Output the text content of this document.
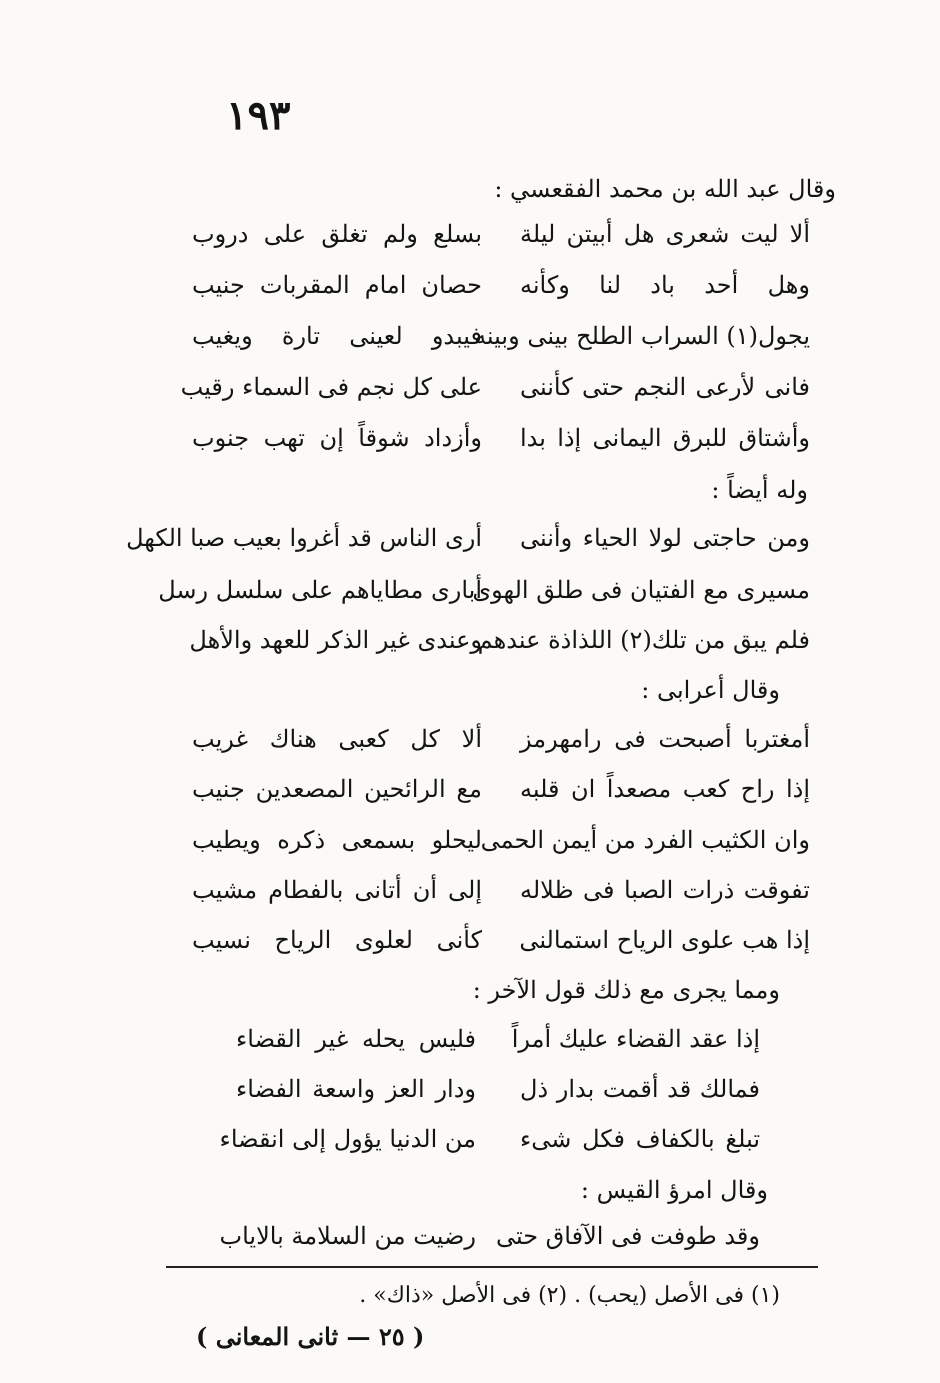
١٩٣
وقال عبد الله بن محمد الفقعسي :
ألا ليت شعرى هل أبيتن ليلة
بسلع ولم تغلق على دروب
وهل أحد باد لنا وكأنه
حصان امام المقربات جنيب
يجول(١) السراب الطلح بينى وبينه
فيبدو لعينى تارة ويغيب
فانى لأرعى النجم حتى كأننى
على كل نجم فى السماء رقيب
وأشتاق للبرق اليمانى إذا بدا
وأزداد شوقاً إن تهب جنوب
وله أيضاً :
ومن حاجتى لولا الحياء وأننى
أرى الناس قد أغروا بعيب صبا الكهل
مسيرى مع الفتيان فى طلق الهوى
أبارى مطاياهم على سلسل رسل
فلم يبق من تلك(٢) اللذاذة عندهم
وعندى غير الذكر للعهد والأهل
وقال أعرابى :
أمغتربا أصبحت فى رامهرمز
ألا كل كعبى هناك غريب
إذا راح كعب مصعداً ان قلبه
مع الرائحين المصعدين جنيب
وان الكثيب الفرد من أيمن الحمى
ليحلو بسمعى ذكره ويطيب
تفوقت ذرات الصبا فى ظلاله
إلى أن أتانى بالفطام مشيب
إذا هب علوى الرياح استمالنى
كأنى لعلوى الرياح نسيب
ومما يجرى مع ذلك قول الآخر :
إذا عقد القضاء عليك أمراً
فليس يحله غير القضاء
فمالك قد أقمت بدار ذل
ودار العز واسعة الفضاء
تبلغ بالكفاف فكل شىء
من الدنيا يؤول إلى انقضاء
وقال امرؤ القيس :
وقد طوفت فى الآفاق حتى
رضيت من السلامة بالاياب
(١) فى الأصل (يحب) . (٢) فى الأصل «ذاك» .
( ٢٥ — ثانى المعانى )
